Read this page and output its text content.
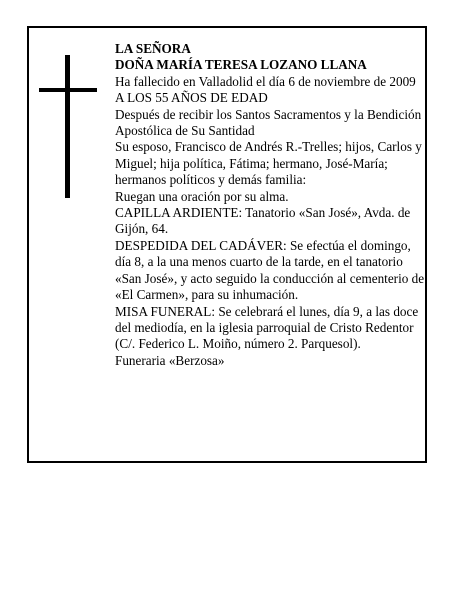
LA SEÑORA

DOÑA MARÍA TERESA LOZANO LLANA

Ha fallecido en Valladolid el día 6 de noviembre de 2009

A LOS 55 AÑOS DE EDAD

Después de recibir los Santos Sacramentos y la Bendición Apostólica de Su Santidad

Su esposo, Francisco de Andrés R.-Trelles; hijos, Carlos y Miguel; hija política, Fátima; hermano, José-María; hermanos políticos y demás familia:

Ruegan una oración por su alma.

CAPILLA ARDIENTE: Tanatorio «San José», Avda. de Gijón, 64.

DESPEDIDA DEL CADÁVER: Se efectúa el domingo, día 8, a la una menos cuarto de la tarde, en el tanatorio «San José», y acto seguido la conducción al cementerio de «El Carmen», para su inhumación.

MISA FUNERAL: Se celebrará el lunes, día 9, a las doce del mediodía, en la iglesia parroquial de Cristo Redentor (C/. Federico L. Moiño, número 2. Parquesol).

Funeraria «Berzosa»
